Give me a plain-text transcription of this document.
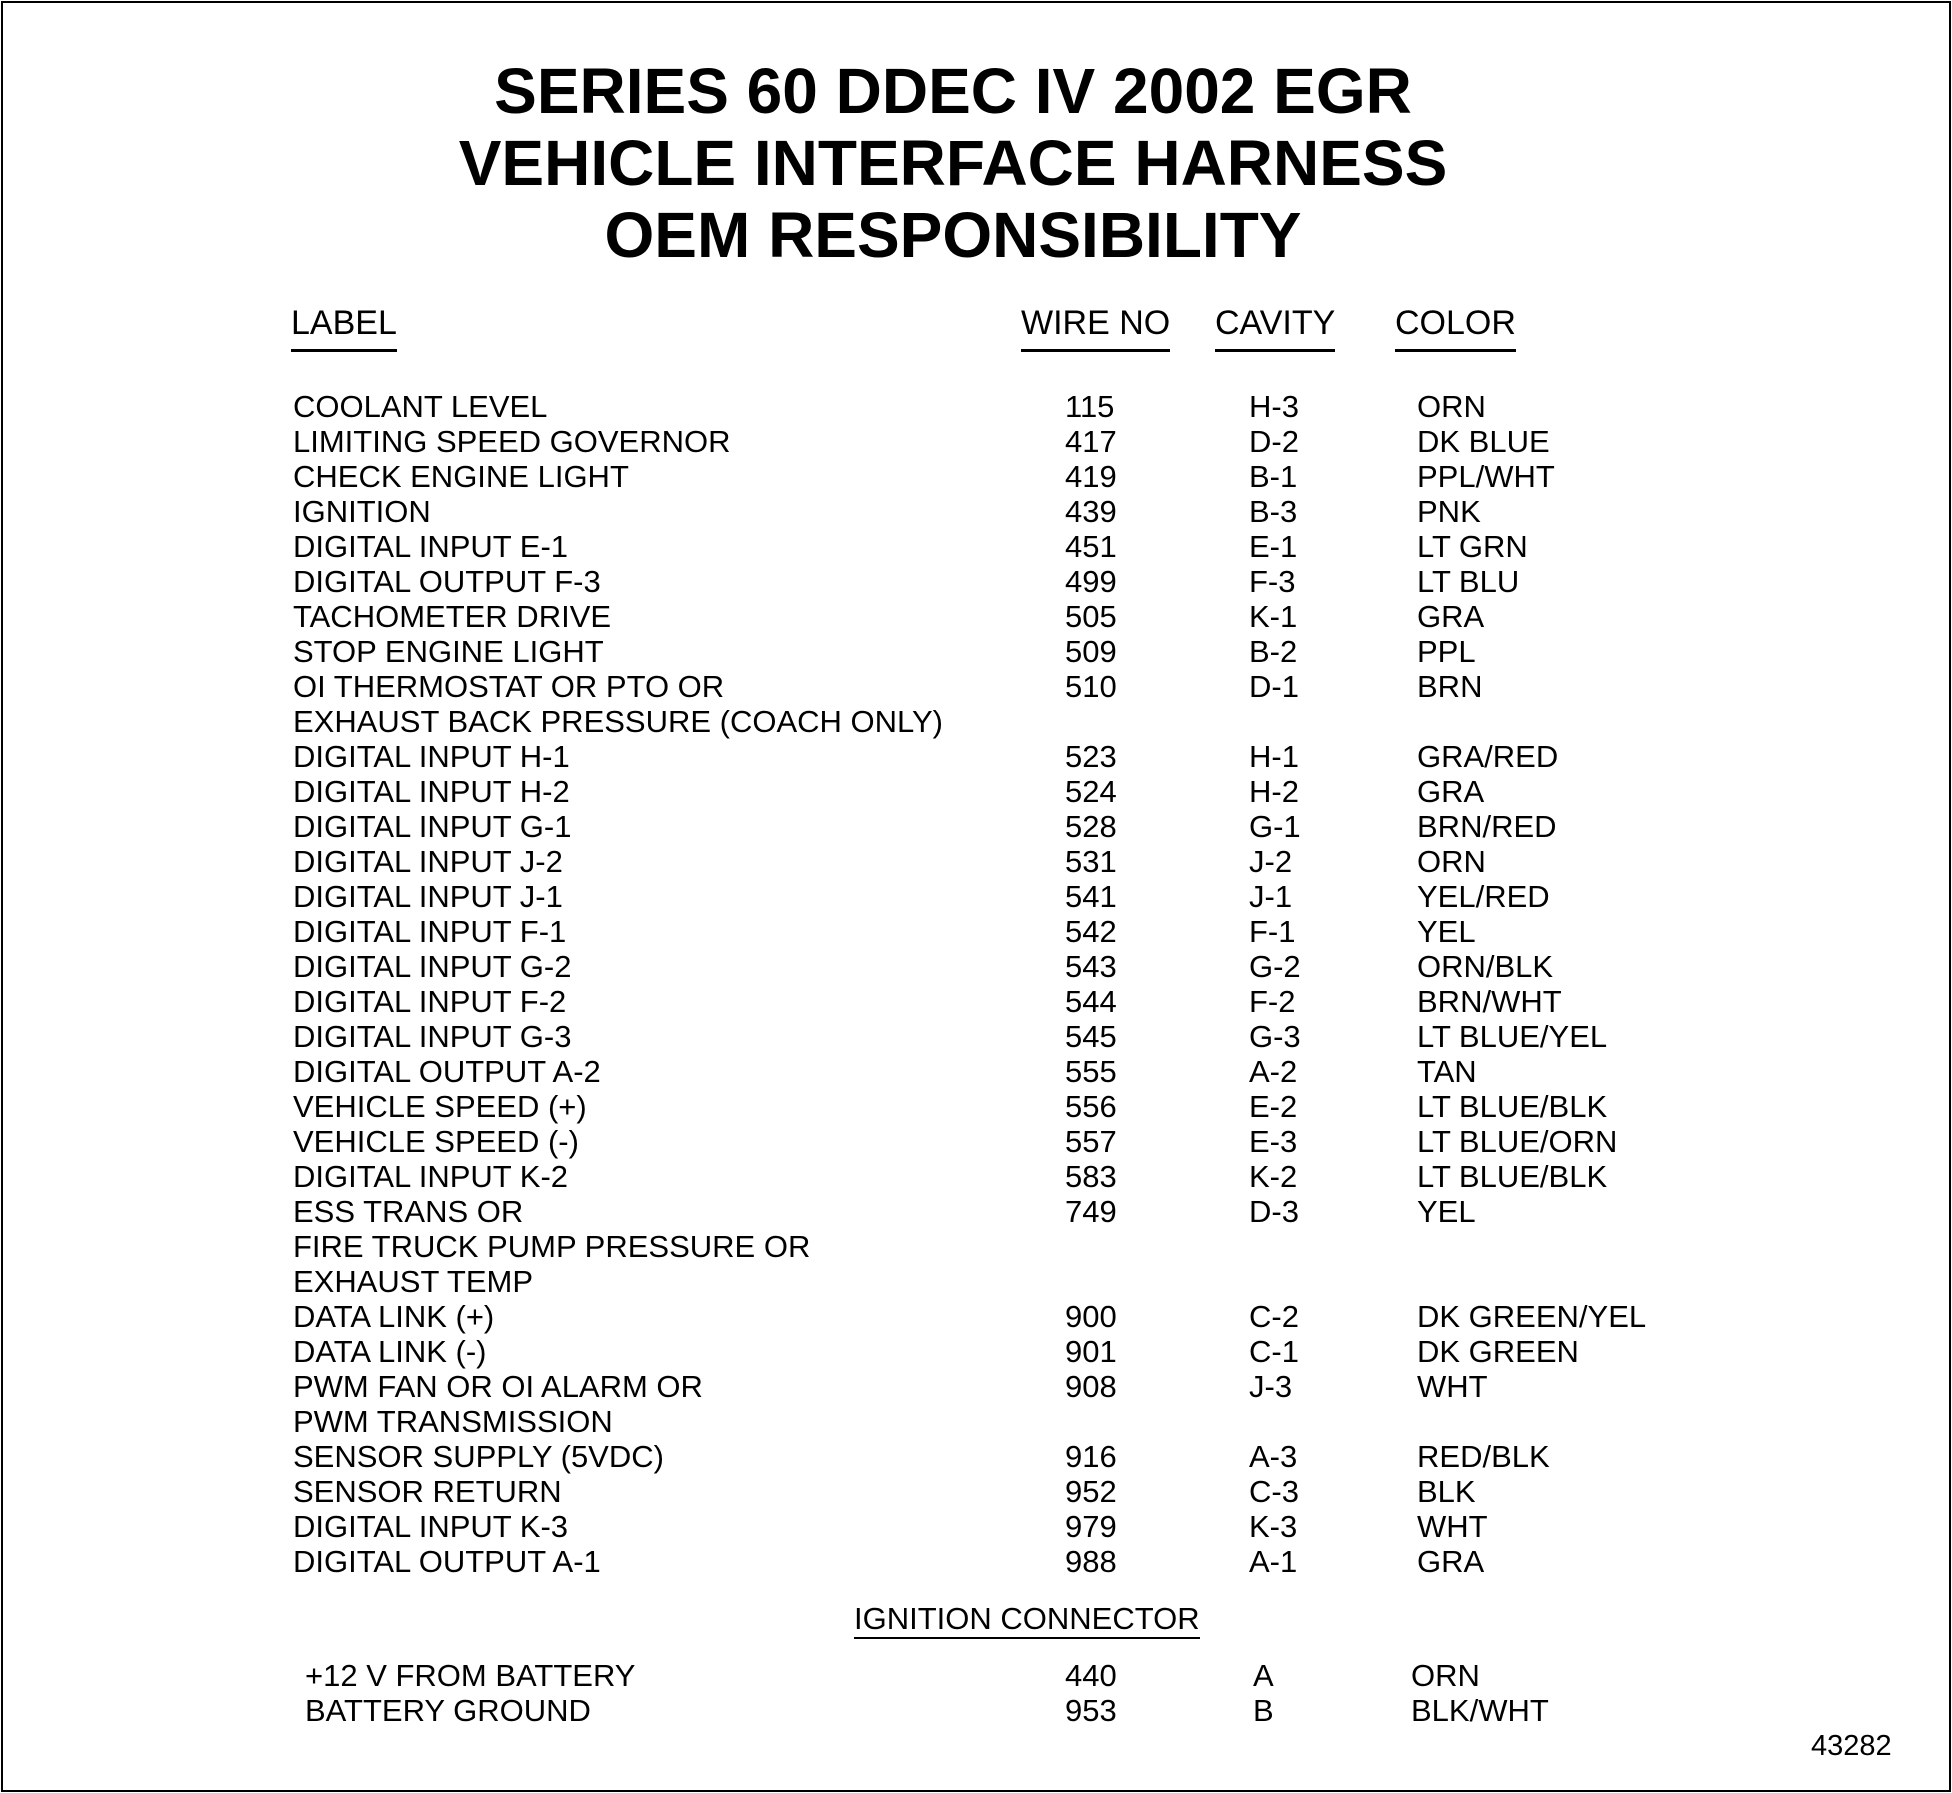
SERIES 60 DDEC IV 2002 EGR
VEHICLE INTERFACE HARNESS
OEM RESPONSIBILITY
LABEL	WIRE NO CAVITY COLOR
COOLANT LEVEL	115	H-3	ORN
LIMITING SPEED GOVERNOR	417	D-2	DK BLUE
CHECK ENGINE LIGHT	419	B-1	PPL/WHT
IGNITION	439	B-3	PNK
DIGITAL INPUT E-1	451	E-1	LT GRN
DIGITAL OUTPUT F-3	499	F-3	LT BLU
TACHOMETER DRIVE	505	K-1	GRA
STOP ENGINE LIGHT	509	B-2	PPL
OI THERMOSTAT OR PTO OR	510	D-1	BRN
EXHAUST BACK PRESSURE (COACH ONLY)
DIGITAL INPUT H-1	523	H-1	GRA/RED
DIGITAL INPUT H-2	524	H-2	GRA
DIGITAL INPUT G-1	528	G-1	BRN/RED
DIGITAL INPUT J-2	531	J-2	ORN
DIGITAL INPUT J-1	541	J-1	YEL/RED
DIGITAL INPUT F-1	542	F-1	YEL
DIGITAL INPUT G-2	543	G-2	ORN/BLK
DIGITAL INPUT F-2	544	F-2	BRN/WHT
DIGITAL INPUT G-3	545	G-3	LT BLUE/YEL
DIGITAL OUTPUT A-2	555	A-2	TAN
VEHICLE SPEED (+)	556	E-2	LT BLUE/BLK
VEHICLE SPEED (-)	557	E-3	LT BLUE/ORN
DIGITAL INPUT K-2	583	K-2	LT BLUE/BLK
ESS TRANS OR	749	D-3	YEL
FIRE TRUCK PUMP PRESSURE OR
EXHAUST TEMP
DATA LINK (+)	900	C-2	DK GREEN/YEL
DATA LINK (-)	901	C-1	DK GREEN
PWM FAN OR OI ALARM OR	908	J-3	WHT
PWM TRANSMISSION
SENSOR SUPPLY (5VDC)	916	A-3	RED/BLK
SENSOR RETURN	952	C-3	BLK
DIGITAL INPUT K-3	979	K-3	WHT
DIGITAL OUTPUT A-1	988	A-1	GRA
IGNITION CONNECTOR
+12 V FROM BATTERY	440	A	ORN
BATTERY GROUND	953	B	BLK/WHT
43282
